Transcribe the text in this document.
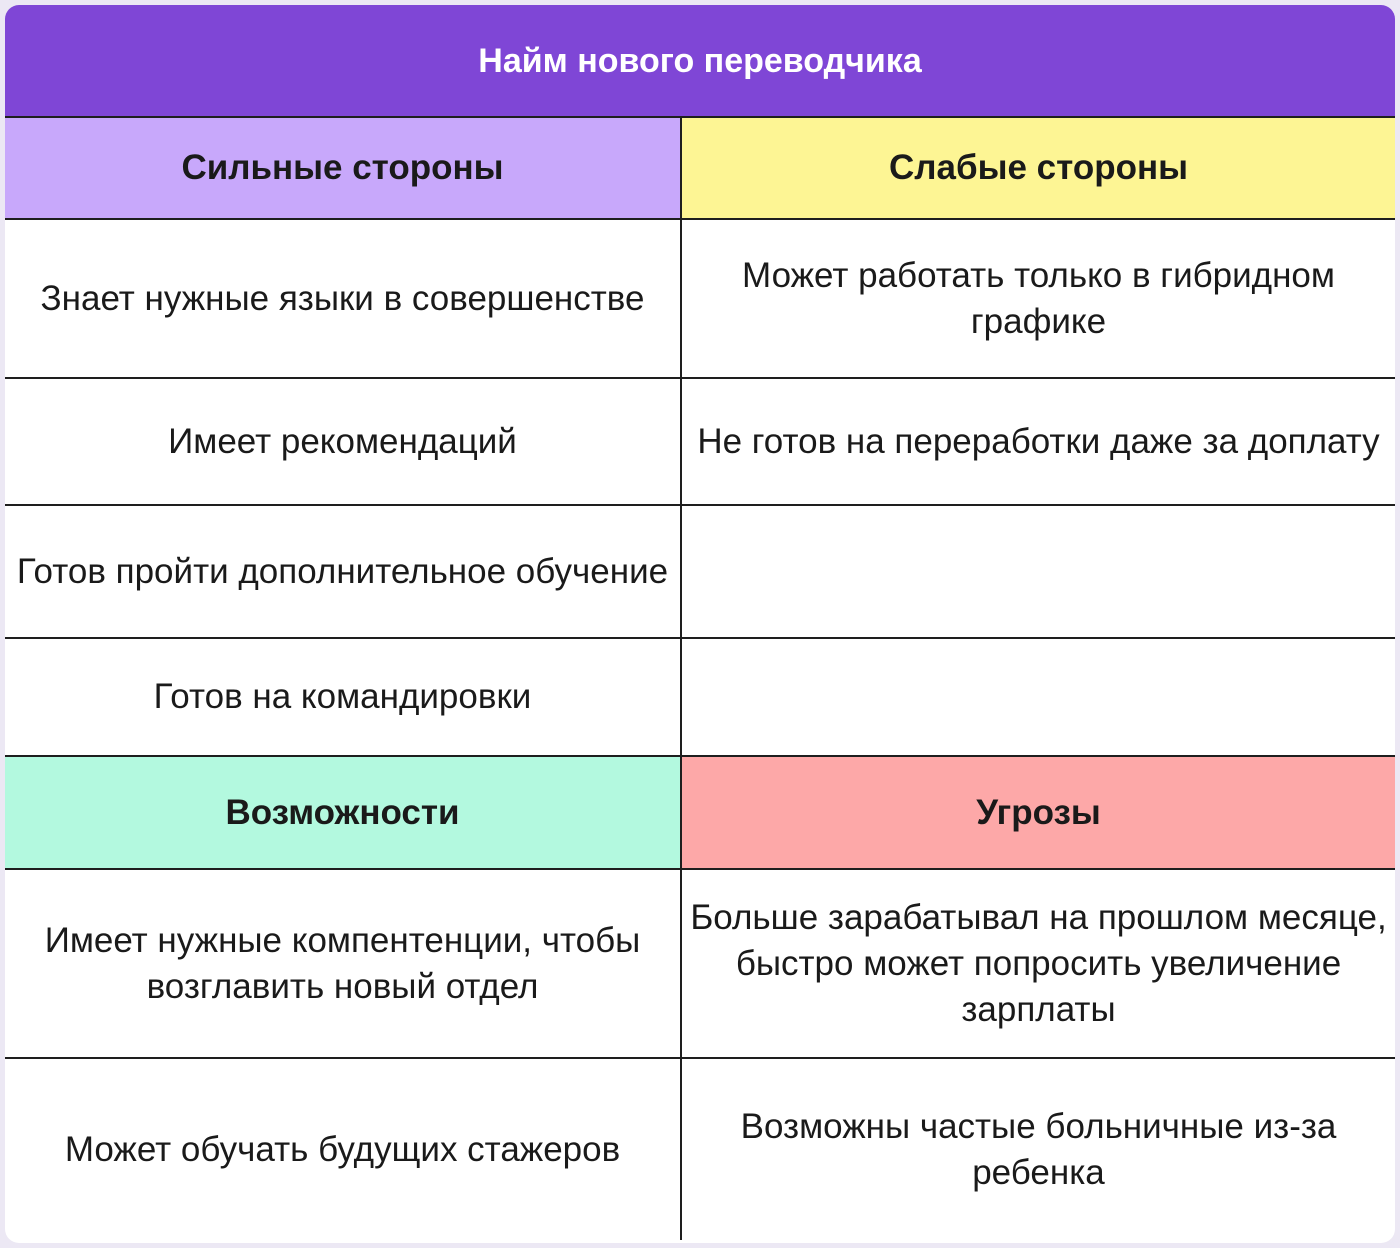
Найм нового переводчика	
Сильные стороны	Слабые стороны
Знает нужные языки в совершенстве	Может работать только в гибридном графике
Имеет рекомендаций	Не готов на переработки даже за доплату
Готов пройти дополнительное обучение	
Готов на командировки	
Возможности	Угрозы
Имеет нужные компентенции, чтобы возглавить новый отдел	Больше зарабатывал на прошлом месяце, быстро может попросить увеличение зарплаты
Может обучать будущих стажеров	Возможны частые больничные из-за ребенка
